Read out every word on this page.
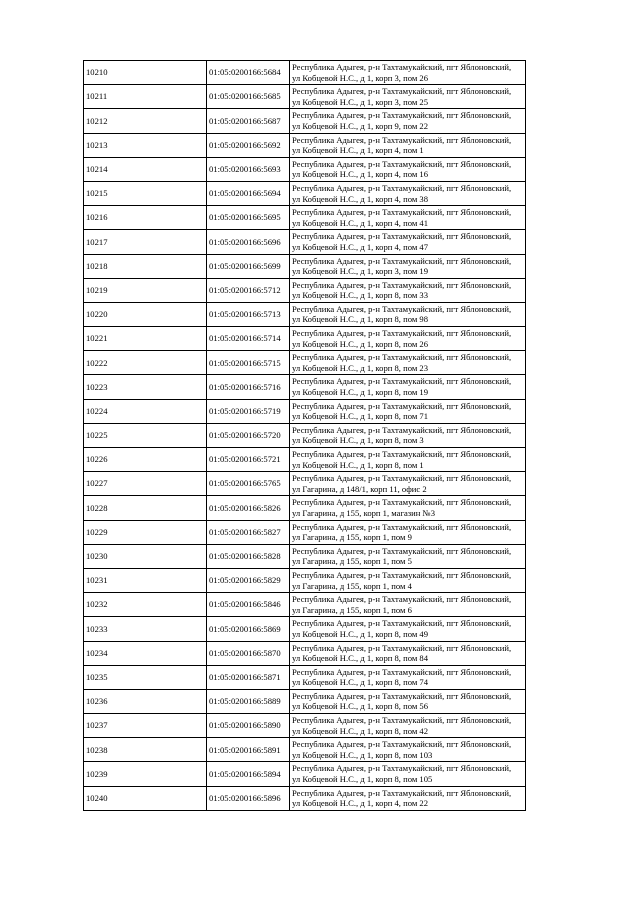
10210	01:05:0200166:5684	Республика Адыгея, р-н Тахтамукайский, пгт Яблоновский,
ул Кобцевой Н.С., д 1, корп 3, пом 26

10211	01:05:0200166:5685	Республика Адыгея, р-н Тахтамукайский, пгт Яблоновский,
ул Кобцевой Н.С., д 1, корп 3, пом 25

10212	01:05:0200166:5687	Республика Адыгея, р-н Тахтамукайский, пгт Яблоновский,
ул Кобцевой Н.С., д 1, корп 9, пом 22

10213	01:05:0200166:5692	Республика Адыгея, р-н Тахтамукайский, пгт Яблоновский,
ул Кобцевой Н.С., д 1, корп 4, пом 1

10214	01:05:0200166:5693	Республика Адыгея, р-н Тахтамукайский, пгт Яблоновский,
ул Кобцевой Н.С., д 1, корп 4, пом 16

10215	01:05:0200166:5694	Республика Адыгея, р-н Тахтамукайский, пгт Яблоновский,
ул Кобцевой Н.С., д 1, корп 4, пом 38

10216	01:05:0200166:5695	Республика Адыгея, р-н Тахтамукайский, пгт Яблоновский,
ул Кобцевой Н.С., д 1, корп 4, пом 41

10217	01:05:0200166:5696	Республика Адыгея, р-н Тахтамукайский, пгт Яблоновский,
ул Кобцевой Н.С., д 1, корп 4, пом 47

10218	01:05:0200166:5699	Республика Адыгея, р-н Тахтамукайский, пгт Яблоновский,
ул Кобцевой Н.С., д 1, корп 3, пом 19

10219	01:05:0200166:5712	Республика Адыгея, р-н Тахтамукайский, пгт Яблоновский,
ул Кобцевой Н.С., д 1, корп 8, пом 33

10220	01:05:0200166:5713	Республика Адыгея, р-н Тахтамукайский, пгт Яблоновский,
ул Кобцевой Н.С., д 1, корп 8, пом 98

10221	01:05:0200166:5714	Республика Адыгея, р-н Тахтамукайский, пгт Яблоновский,
ул Кобцевой Н.С., д 1, корп 8, пом 26

10222	01:05:0200166:5715	Республика Адыгея, р-н Тахтамукайский, пгт Яблоновский,
ул Кобцевой Н.С., д 1, корп 8, пом 23

10223	01:05:0200166:5716	Республика Адыгея, р-н Тахтамукайский, пгт Яблоновский,
ул Кобцевой Н.С., д 1, корп 8, пом 19

10224	01:05:0200166:5719	Республика Адыгея, р-н Тахтамукайский, пгт Яблоновский,
ул Кобцевой Н.С., д 1, корп 8, пом 71

10225	01:05:0200166:5720	Республика Адыгея, р-н Тахтамукайский, пгт Яблоновский,
ул Кобцевой Н.С., д 1, корп 8, пом 3

10226	01:05:0200166:5721	Республика Адыгея, р-н Тахтамукайский, пгт Яблоновский,
ул Кобцевой Н.С., д 1, корп 8, пом 1

10227	01:05:0200166:5765	Республика Адыгея, р-н Тахтамукайский, пгт Яблоновский,
ул Гагарина, д 148/1, корп 11, офис 2

10228	01:05:0200166:5826	Республика Адыгея, р-н Тахтамукайский, пгт Яблоновский,
ул Гагарина, д 155, корп 1, магазин №3

10229	01:05:0200166:5827	Республика Адыгея, р-н Тахтамукайский, пгт Яблоновский,
ул Гагарина, д 155, корп 1, пом 9

10230	01:05:0200166:5828	Республика Адыгея, р-н Тахтамукайский, пгт Яблоновский,
ул Гагарина, д 155, корп 1, пом 5

10231	01:05:0200166:5829	Республика Адыгея, р-н Тахтамукайский, пгт Яблоновский,
ул Гагарина, д 155, корп 1, пом 4

10232	01:05:0200166:5846	Республика Адыгея, р-н Тахтамукайский, пгт Яблоновский,
ул Гагарина, д 155, корп 1, пом 6

10233	01:05:0200166:5869	Республика Адыгея, р-н Тахтамукайский, пгт Яблоновский,
ул Кобцевой Н.С., д 1, корп 8, пом 49

10234	01:05:0200166:5870	Республика Адыгея, р-н Тахтамукайский, пгт Яблоновский,
ул Кобцевой Н.С., д 1, корп 8, пом 84

10235	01:05:0200166:5871	Республика Адыгея, р-н Тахтамукайский, пгт Яблоновский,
ул Кобцевой Н.С., д 1, корп 8, пом 74

10236	01:05:0200166:5889	Республика Адыгея, р-н Тахтамукайский, пгт Яблоновский,
ул Кобцевой Н.С., д 1, корп 8, пом 56

10237	01:05:0200166:5890	Республика Адыгея, р-н Тахтамукайский, пгт Яблоновский,
ул Кобцевой Н.С., д 1, корп 8, пом 42

10238	01:05:0200166:5891	Республика Адыгея, р-н Тахтамукайский, пгт Яблоновский,
ул Кобцевой Н.С., д 1, корп 8, пом 103

10239	01:05:0200166:5894	Республика Адыгея, р-н Тахтамукайский, пгт Яблоновский,
ул Кобцевой Н.С., д 1, корп 8, пом 105

10240	01:05:0200166:5896	Республика Адыгея, р-н Тахтамукайский, пгт Яблоновский,
ул Кобцевой Н.С., д 1, корп 4, пом 22
